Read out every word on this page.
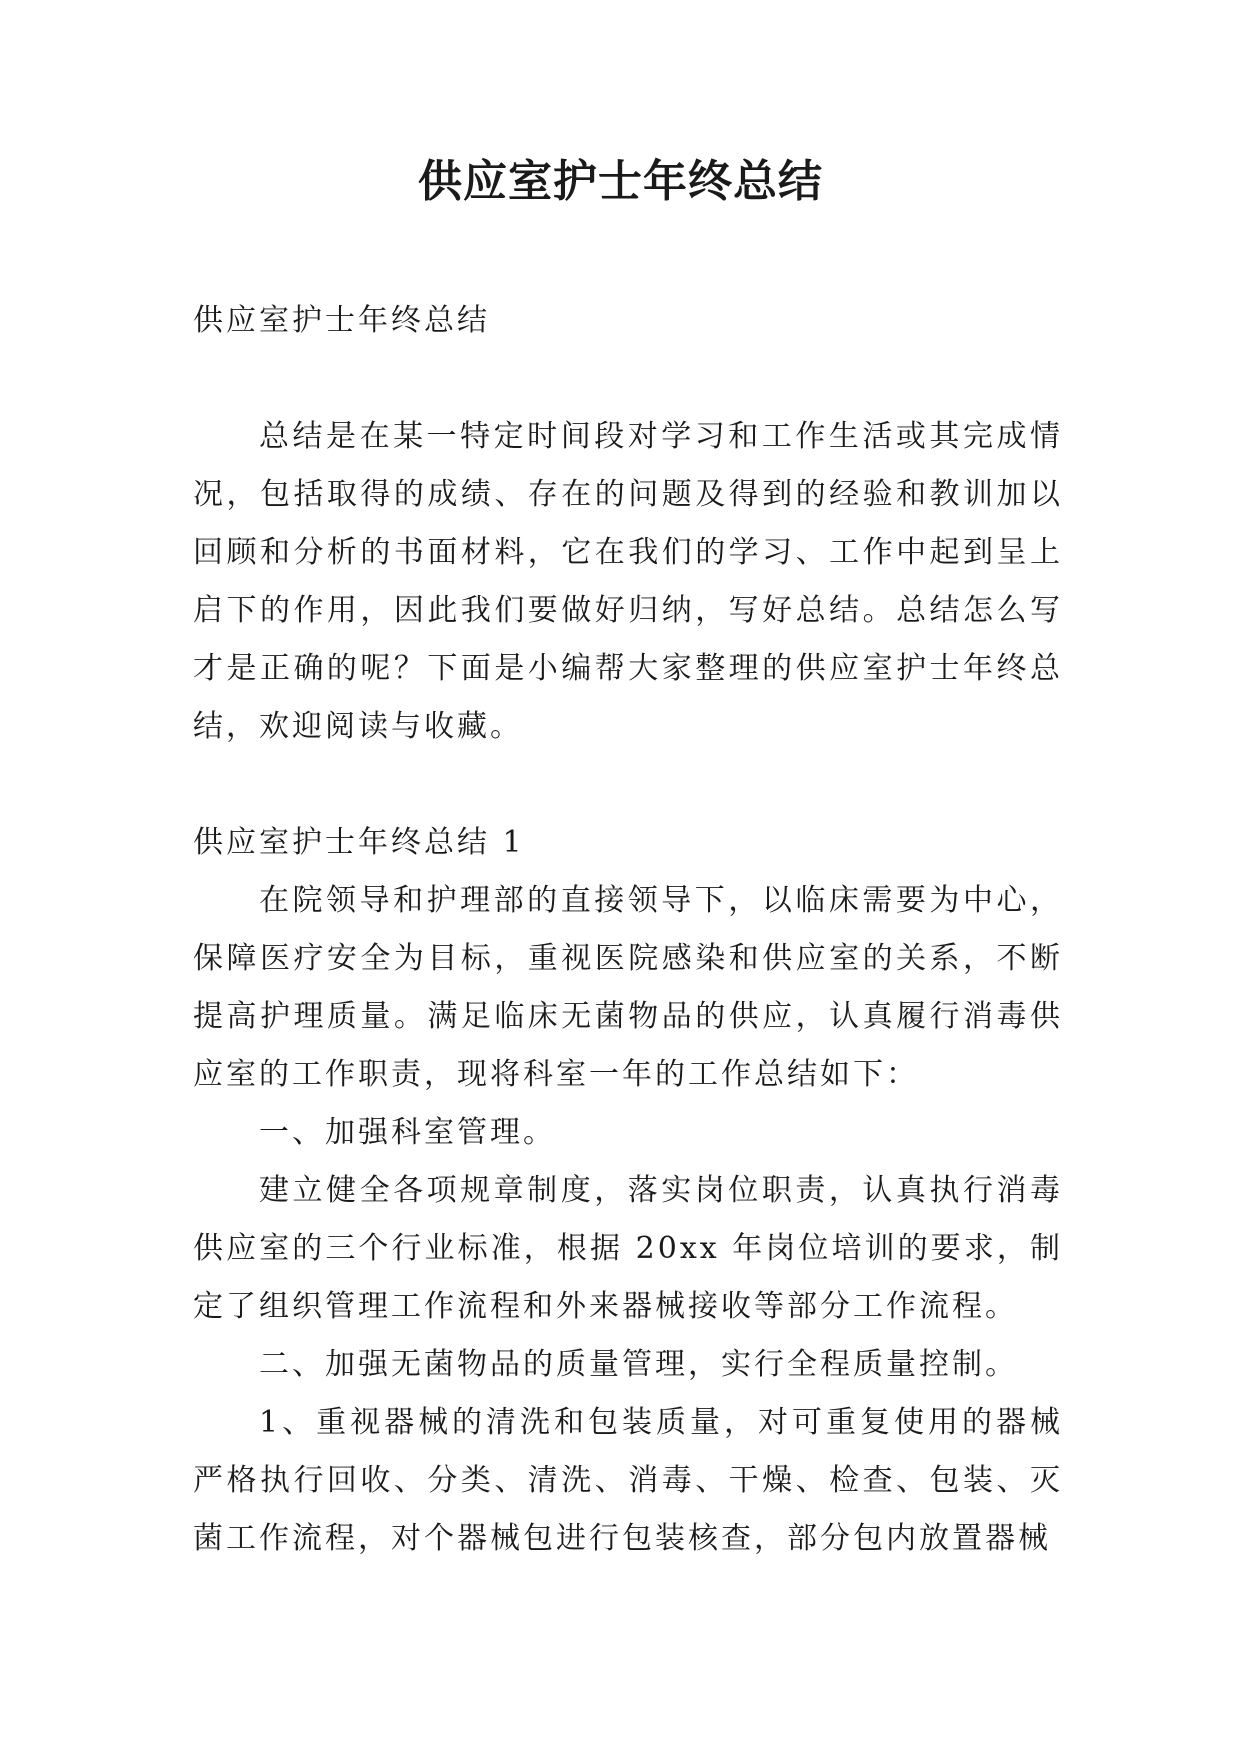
供应室护士年终总结

供应室护士年终总结

总结是在某一特定时间段对学习和工作生活或其完成情况，包括取得的成绩、存在的问题及得到的经验和教训加以回顾和分析的书面材料，它在我们的学习、工作中起到呈上启下的作用，因此我们要做好归纳，写好总结。总结怎么写才是正确的呢？下面是小编帮大家整理的供应室护士年终总结，欢迎阅读与收藏。

供应室护士年终总结 1

在院领导和护理部的直接领导下，以临床需要为中心，保障医疗安全为目标，重视医院感染和供应室的关系，不断提高护理质量。满足临床无菌物品的供应，认真履行消毒供应室的工作职责，现将科室一年的工作总结如下：

一、加强科室管理。

建立健全各项规章制度，落实岗位职责，认真执行消毒供应室的三个行业标准，根据 20xx 年岗位培训的要求，制定了组织管理工作流程和外来器械接收等部分工作流程。

二、加强无菌物品的质量管理，实行全程质量控制。

1、重视器械的清洗和包装质量，对可重复使用的器械严格执行回收、分类、清洗、消毒、干燥、检查、包装、灭菌工作流程，对个器械包进行包装核查，部分包内放置器械
